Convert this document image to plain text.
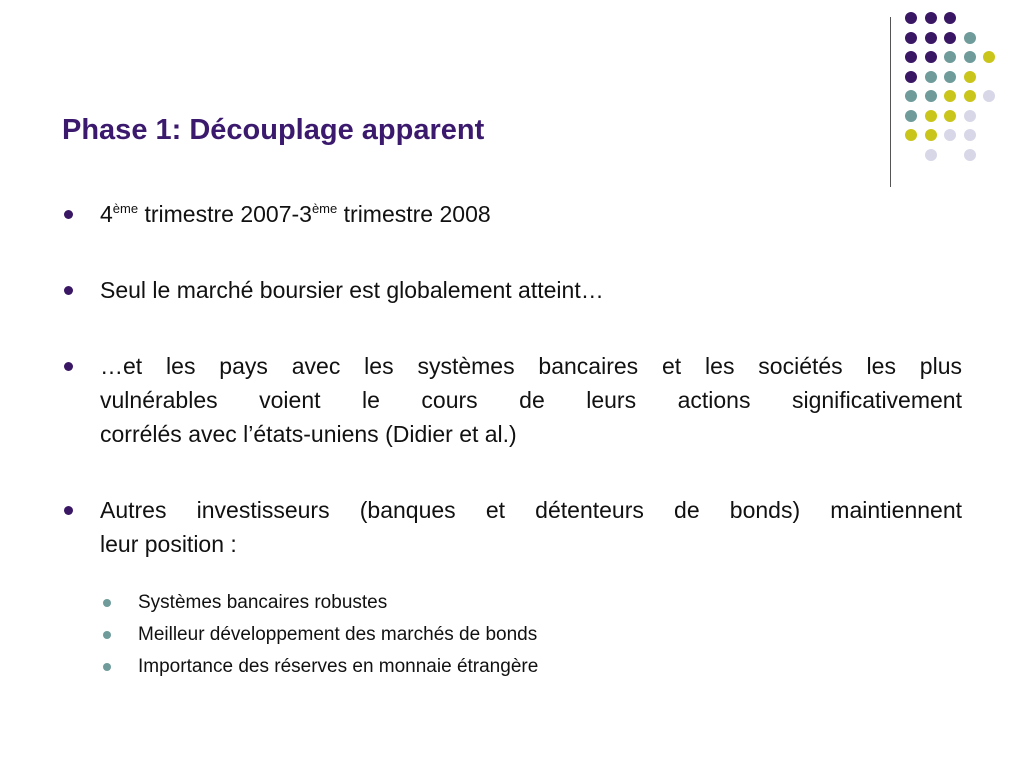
Phase 1: Découplage apparent
4ème trimestre 2007-3ème trimestre 2008
Seul le marché boursier est globalement atteint…
…et les pays avec les systèmes bancaires et les sociétés les plus
vulnérables voient le cours de leurs actions significativement
corrélés avec l’états-uniens (Didier et al.)
Autres investisseurs (banques et détenteurs de bonds) maintiennent
leur position :
Systèmes bancaires robustes
Meilleur développement des marchés de bonds
Importance des réserves en monnaie étrangère
